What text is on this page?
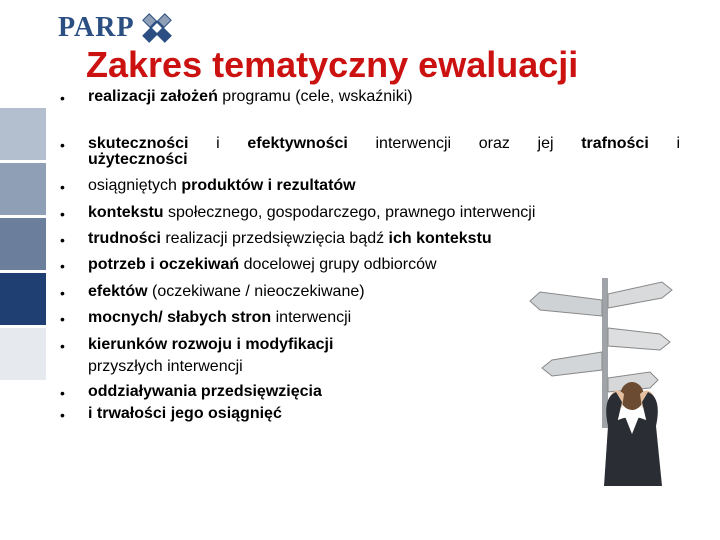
PARP
Zakres tematyczny ewaluacji
• realizacji założeń programu (cele, wskaźniki)
• skuteczności i efektywności interwencji oraz jej trafności i
użyteczności
• osiągniętych produktów i rezultatów
• kontekstu społecznego, gospodarczego, prawnego interwencji
• trudności realizacji przedsięwzięcia bądź ich kontekstu
• potrzeb i oczekiwań docelowej grupy odbiorców
• efektów (oczekiwane / nieoczekiwane)
• mocnych/ słabych stron interwencji
• kierunków rozwoju i modyfikacji
przyszłych interwencji
• oddziaływania przedsięwzięcia
• i trwałości jego osiągnięć
